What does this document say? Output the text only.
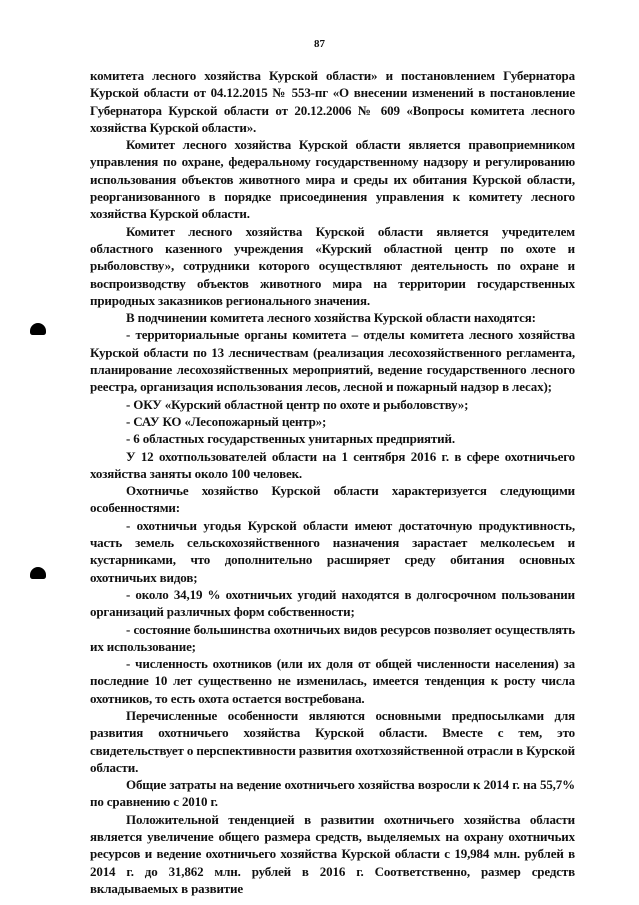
87

комитета лесного хозяйства Курской области» и постановлением Губернатора Курской области от 04.12.2015 № 553-пг «О внесении изменений в постановление Губернатора Курской области от 20.12.2006 № 609 «Вопросы комитета лесного хозяйства Курской области».

Комитет лесного хозяйства Курской области является правоприемником управления по охране, федеральному государственному надзору и регулированию использования объектов животного мира и среды их обитания Курской области, реорганизованного в порядке присоединения управления к комитету лесного хозяйства Курской области.

Комитет лесного хозяйства Курской области является учредителем областного казенного учреждения «Курский областной центр по охоте и рыболовству», сотрудники которого осуществляют деятельность по охране и воспроизводству объектов животного мира на территории государственных природных заказников регионального значения.

В подчинении комитета лесного хозяйства Курской области находятся:

- территориальные органы комитета – отделы комитета лесного хозяйства Курской области по 13 лесничествам (реализация лесохозяйственного регламента, планирование лесохозяйственных мероприятий, ведение государственного лесного реестра, организация использования лесов, лесной и пожарный надзор в лесах);

- ОКУ «Курский областной центр по охоте и рыболовству»;

- САУ КО «Лесопожарный центр»;

- 6 областных государственных унитарных предприятий.

У 12 охотпользователей области на 1 сентября 2016 г. в сфере охотничьего хозяйства заняты около 100 человек.

Охотничье хозяйство Курской области характеризуется следующими особенностями:

- охотничьи угодья Курской области имеют достаточную продуктивность, часть земель сельскохозяйственного назначения зарастает мелколесьем и кустарниками, что дополнительно расширяет среду обитания основных охотничьих видов;

- около 34,19 % охотничьих угодий находятся в долгосрочном пользовании организаций различных форм собственности;

- состояние большинства охотничьих видов ресурсов позволяет осуществлять их использование;

- численность охотников (или их доля от общей численности населения) за последние 10 лет существенно не изменилась, имеется тенденция к росту числа охотников, то есть охота остается востребована.

Перечисленные особенности являются основными предпосылками для развития охотничьего хозяйства Курской области. Вместе с тем, это свидетельствует о перспективности развития охотхозяйственной отрасли в Курской области.

Общие затраты на ведение охотничьего хозяйства возросли к 2014 г. на 55,7% по сравнению с 2010 г.

Положительной тенденцией в развитии охотничьего хозяйства области является увеличение общего размера средств, выделяемых на охрану охотничьих ресурсов и ведение охотничьего хозяйства Курской области с 19,984 млн. рублей в 2014 г. до 31,862 млн. рублей в 2016 г. Соответственно, размер средств вкладываемых в развитие
